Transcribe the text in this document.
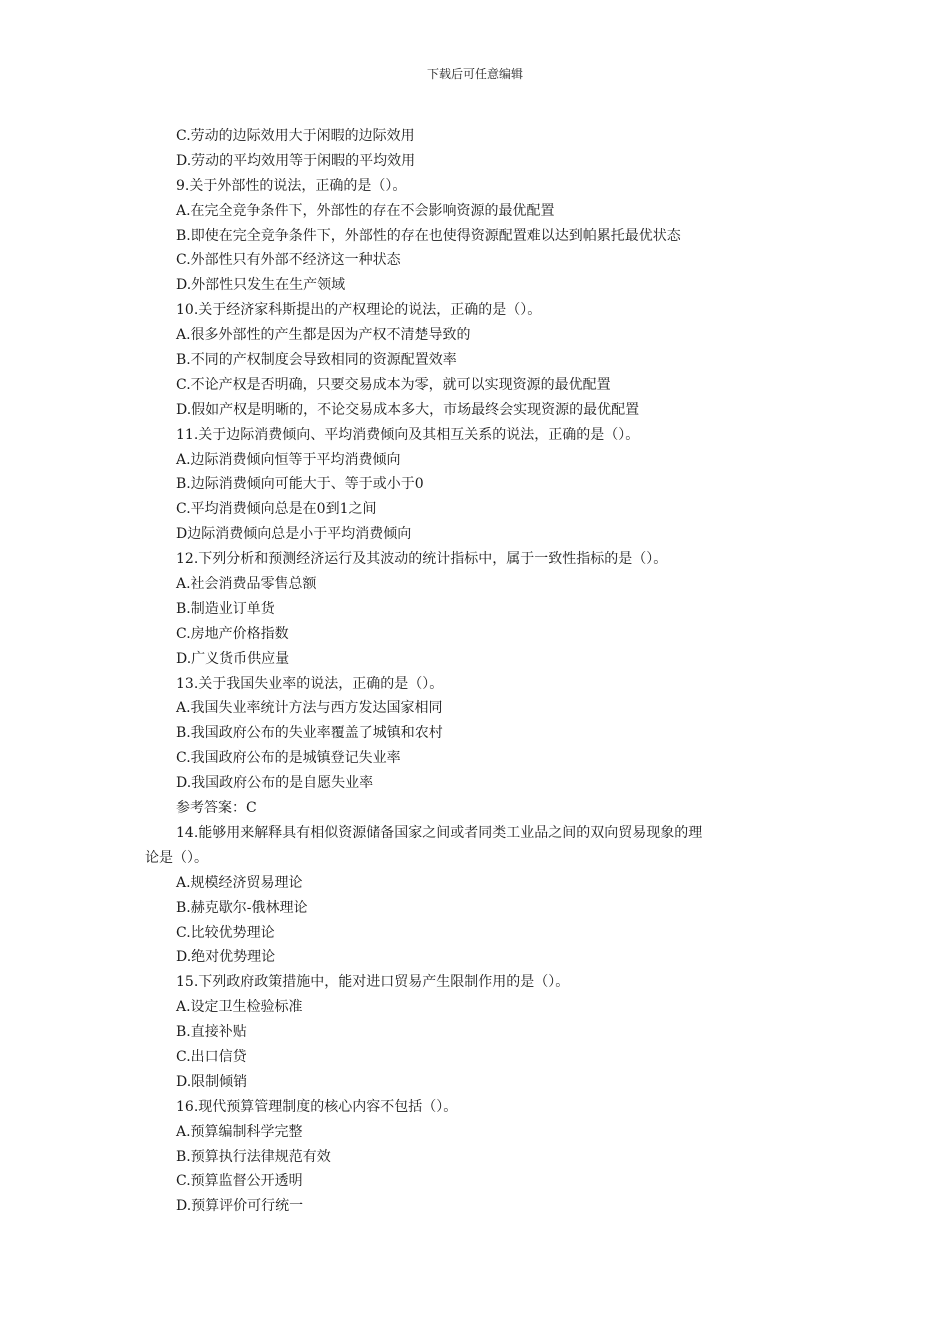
下载后可任意编辑
C.劳动的边际效用大于闲暇的边际效用
D.劳动的平均效用等于闲暇的平均效用
9.关于外部性的说法，正确的是（）。
A.在完全竞争条件下，外部性的存在不会影响资源的最优配置
B.即使在完全竞争条件下，外部性的存在也使得资源配置难以达到帕累托最优状态
C.外部性只有外部不经济这一种状态
D.外部性只发生在生产领域
10.关于经济家科斯提出的产权理论的说法，正确的是（）。
A.很多外部性的产生都是因为产权不清楚导致的
B.不同的产权制度会导致相同的资源配置效率
C.不论产权是否明确，只要交易成本为零，就可以实现资源的最优配置
D.假如产权是明晰的，不论交易成本多大，市场最终会实现资源的最优配置
11.关于边际消费倾向、平均消费倾向及其相互关系的说法，正确的是（）。
A.边际消费倾向恒等于平均消费倾向
B.边际消费倾向可能大于、等于或小于0
C.平均消费倾向总是在0到1之间
D边际消费倾向总是小于平均消费倾向
12.下列分析和预测经济运行及其波动的统计指标中，属于一致性指标的是（）。
A.社会消费品零售总额
B.制造业订单货
C.房地产价格指数
D.广义货币供应量
13.关于我国失业率的说法，正确的是（）。
A.我国失业率统计方法与西方发达国家相同
B.我国政府公布的失业率覆盖了城镇和农村
C.我国政府公布的是城镇登记失业率
D.我国政府公布的是自愿失业率
参考答案：C
14.能够用来解释具有相似资源储备国家之间或者同类工业品之间的双向贸易现象的理
论是（）。
A.规模经济贸易理论
B.赫克歇尔-俄林理论
C.比较优势理论
D.绝对优势理论
15.下列政府政策措施中，能对进口贸易产生限制作用的是（）。
A.设定卫生检验标准
B.直接补贴
C.出口信贷
D.限制倾销
16.现代预算管理制度的核心内容不包括（）。
A.预算编制科学完整
B.预算执行法律规范有效
C.预算监督公开透明
D.预算评价可行统一
